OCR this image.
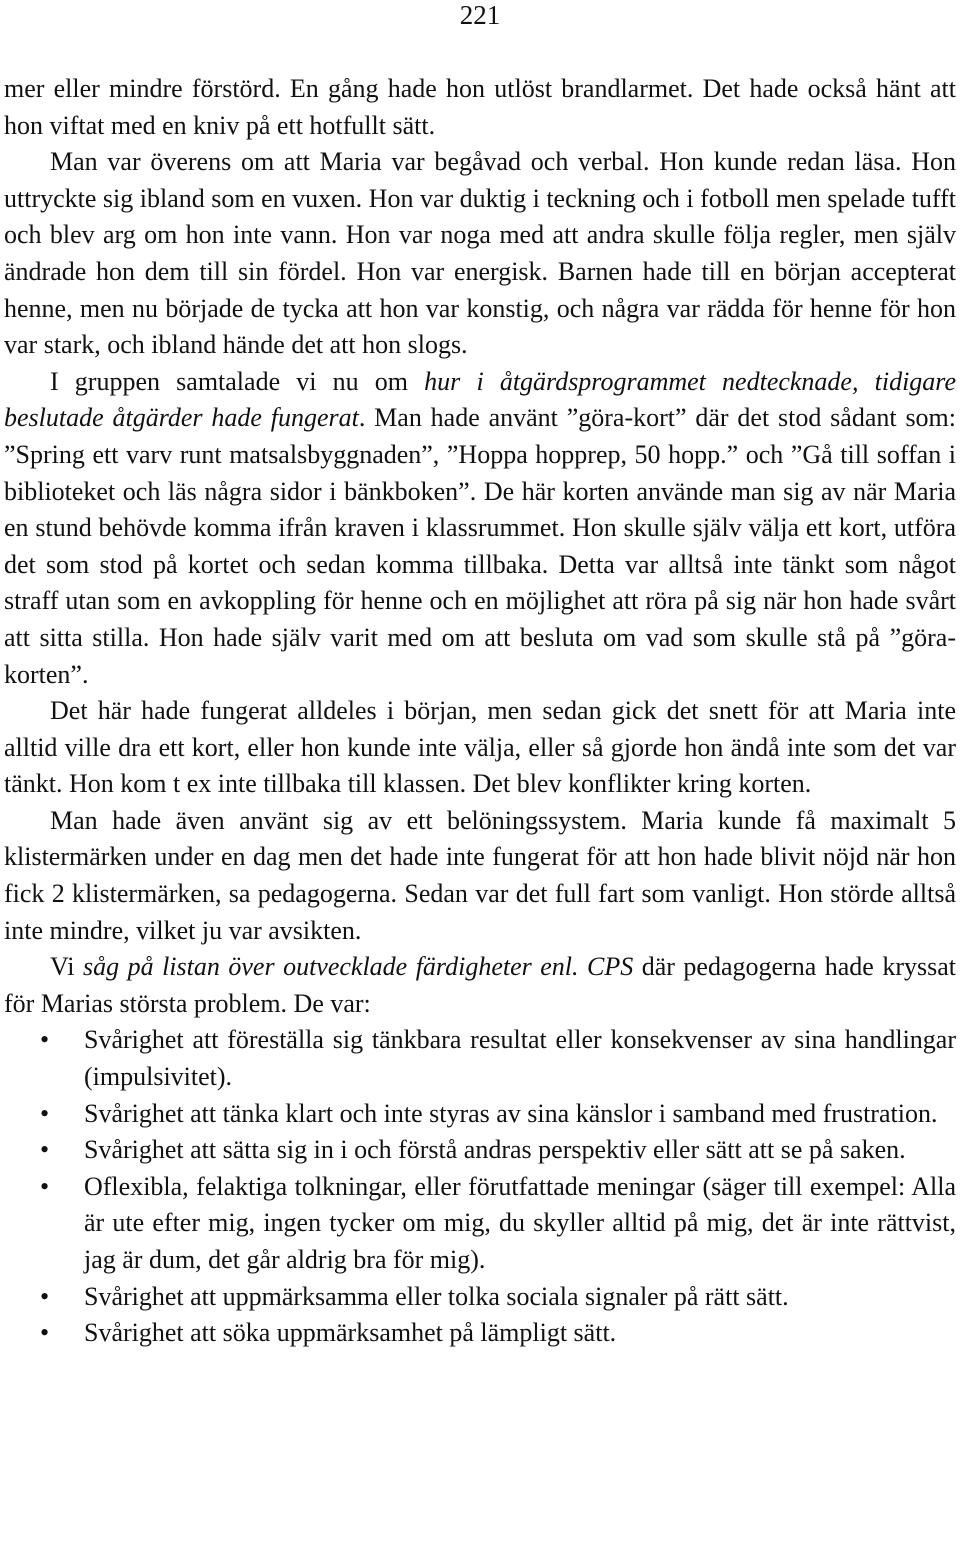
221

mer eller mindre förstörd. En gång hade hon utlöst brandlarmet. Det hade också hänt att hon viftat med en kniv på ett hotfullt sätt.

Man var överens om att Maria var begåvad och verbal. Hon kunde redan läsa. Hon uttryckte sig ibland som en vuxen. Hon var duktig i teckning och i fotboll men spelade tufft och blev arg om hon inte vann. Hon var noga med att andra skulle följa regler, men själv ändrade hon dem till sin fördel. Hon var energisk. Barnen hade till en början accepterat henne, men nu började de tycka att hon var konstig, och några var rädda för henne för hon var stark, och ibland hände det att hon slogs.

I gruppen samtalade vi nu om hur i åtgärdsprogrammet nedtecknade, tidigare beslutade åtgärder hade fungerat. Man hade använt ”göra-kort” där det stod sådant som: ”Spring ett varv runt matsalsbyggnaden”, ”Hoppa hopprep, 50 hopp.” och ”Gå till soffan i biblioteket och läs några sidor i bänkboken”. De här korten använde man sig av när Maria en stund behövde komma ifrån kraven i klassrummet. Hon skulle själv välja ett kort, utföra det som stod på kortet och sedan komma tillbaka. Detta var alltså inte tänkt som något straff utan som en avkoppling för henne och en möjlighet att röra på sig när hon hade svårt att sitta stilla. Hon hade själv varit med om att besluta om vad som skulle stå på ”göra-korten”.

Det här hade fungerat alldeles i början, men sedan gick det snett för att Maria inte alltid ville dra ett kort, eller hon kunde inte välja, eller så gjorde hon ändå inte som det var tänkt. Hon kom t ex inte tillbaka till klassen. Det blev konflikter kring korten.

Man hade även använt sig av ett belöningssystem. Maria kunde få maximalt 5 klistermärken under en dag men det hade inte fungerat för att hon hade blivit nöjd när hon fick 2 klistermärken, sa pedagogerna. Sedan var det full fart som vanligt. Hon störde alltså inte mindre, vilket ju var avsikten.

Vi såg på listan över outvecklade färdigheter enl. CPS där pedagogerna hade kryssat för Marias största problem. De var:

• Svårighet att föreställa sig tänkbara resultat eller konsekvenser av sina handlingar (impulsivitet).
• Svårighet att tänka klart och inte styras av sina känslor i samband med frustration.
• Svårighet att sätta sig in i och förstå andras perspektiv eller sätt att se på saken.
• Oflexibla, felaktiga tolkningar, eller förutfattade meningar (säger till exempel: Alla är ute efter mig, ingen tycker om mig, du skyller alltid på mig, det är inte rättvist, jag är dum, det går aldrig bra för mig).
• Svårighet att uppmärksamma eller tolka sociala signaler på rätt sätt.
• Svårighet att söka uppmärksamhet på lämpligt sätt.
